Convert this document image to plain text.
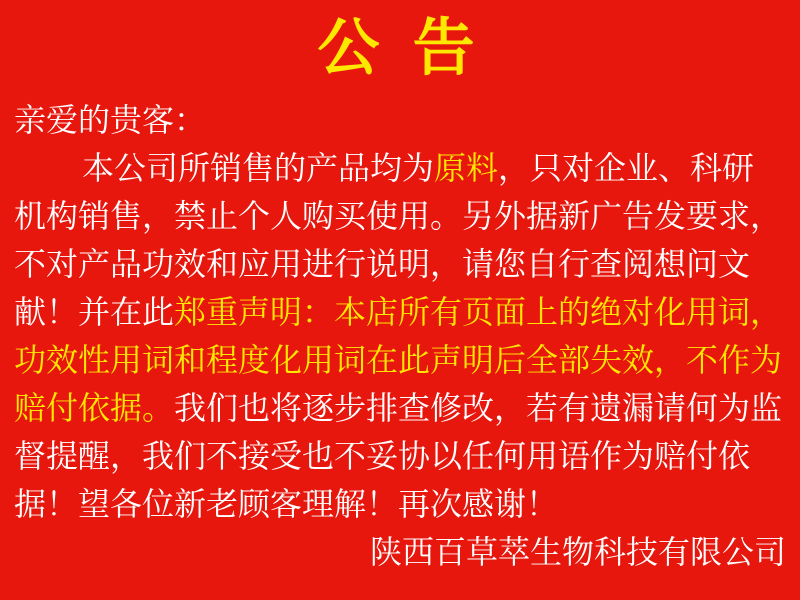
公 告
亲爱的贵客：
本公司所销售的产品均为原料，只对企业、科研
机构销售，禁止个人购买使用。另外据新广告发要求，
不对产品功效和应用进行说明，请您自行查阅想问文
献！并在此郑重声明：本店所有页面上的绝对化用词，
功效性用词和程度化用词在此声明后全部失效，不作为
赔付依据。我们也将逐步排查修改，若有遗漏请何为监
督提醒，我们不接受也不妥协以任何用语作为赔付依
据！望各位新老顾客理解！再次感谢！
陕西百草萃生物科技有限公司
